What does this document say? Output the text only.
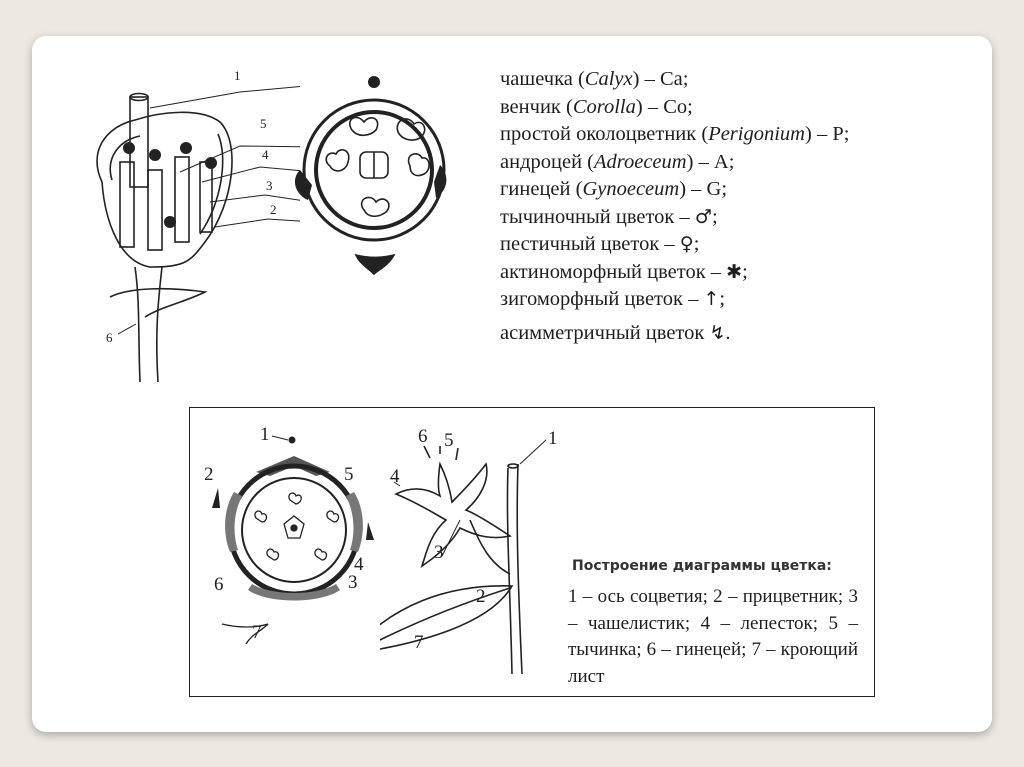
1
5
4
3
2
6
чашечка (Calyx) – Ca;
венчик (Corolla) – Co;
простой околоцветник (Perigonium) – P;
андроцей (Adroeceum) – A;
гинецей (Gynoeceum) – G;
тычиночный цветок – ♂;
пестичный цветок – ♀;
актиноморфный цветок – ✱;
зигоморфный цветок – ↑;
асимметричный цветок ↯.
1
2	5
4
6	3
7
6 5	1
4
3
2
7
Построение диаграммы цветка:
1 – ось соцветия; 2 – прицветник; 3 – чашелистик; 4 – лепесток; 5 – тычинка; 6 – гинецей; 7 – кроющий лист
